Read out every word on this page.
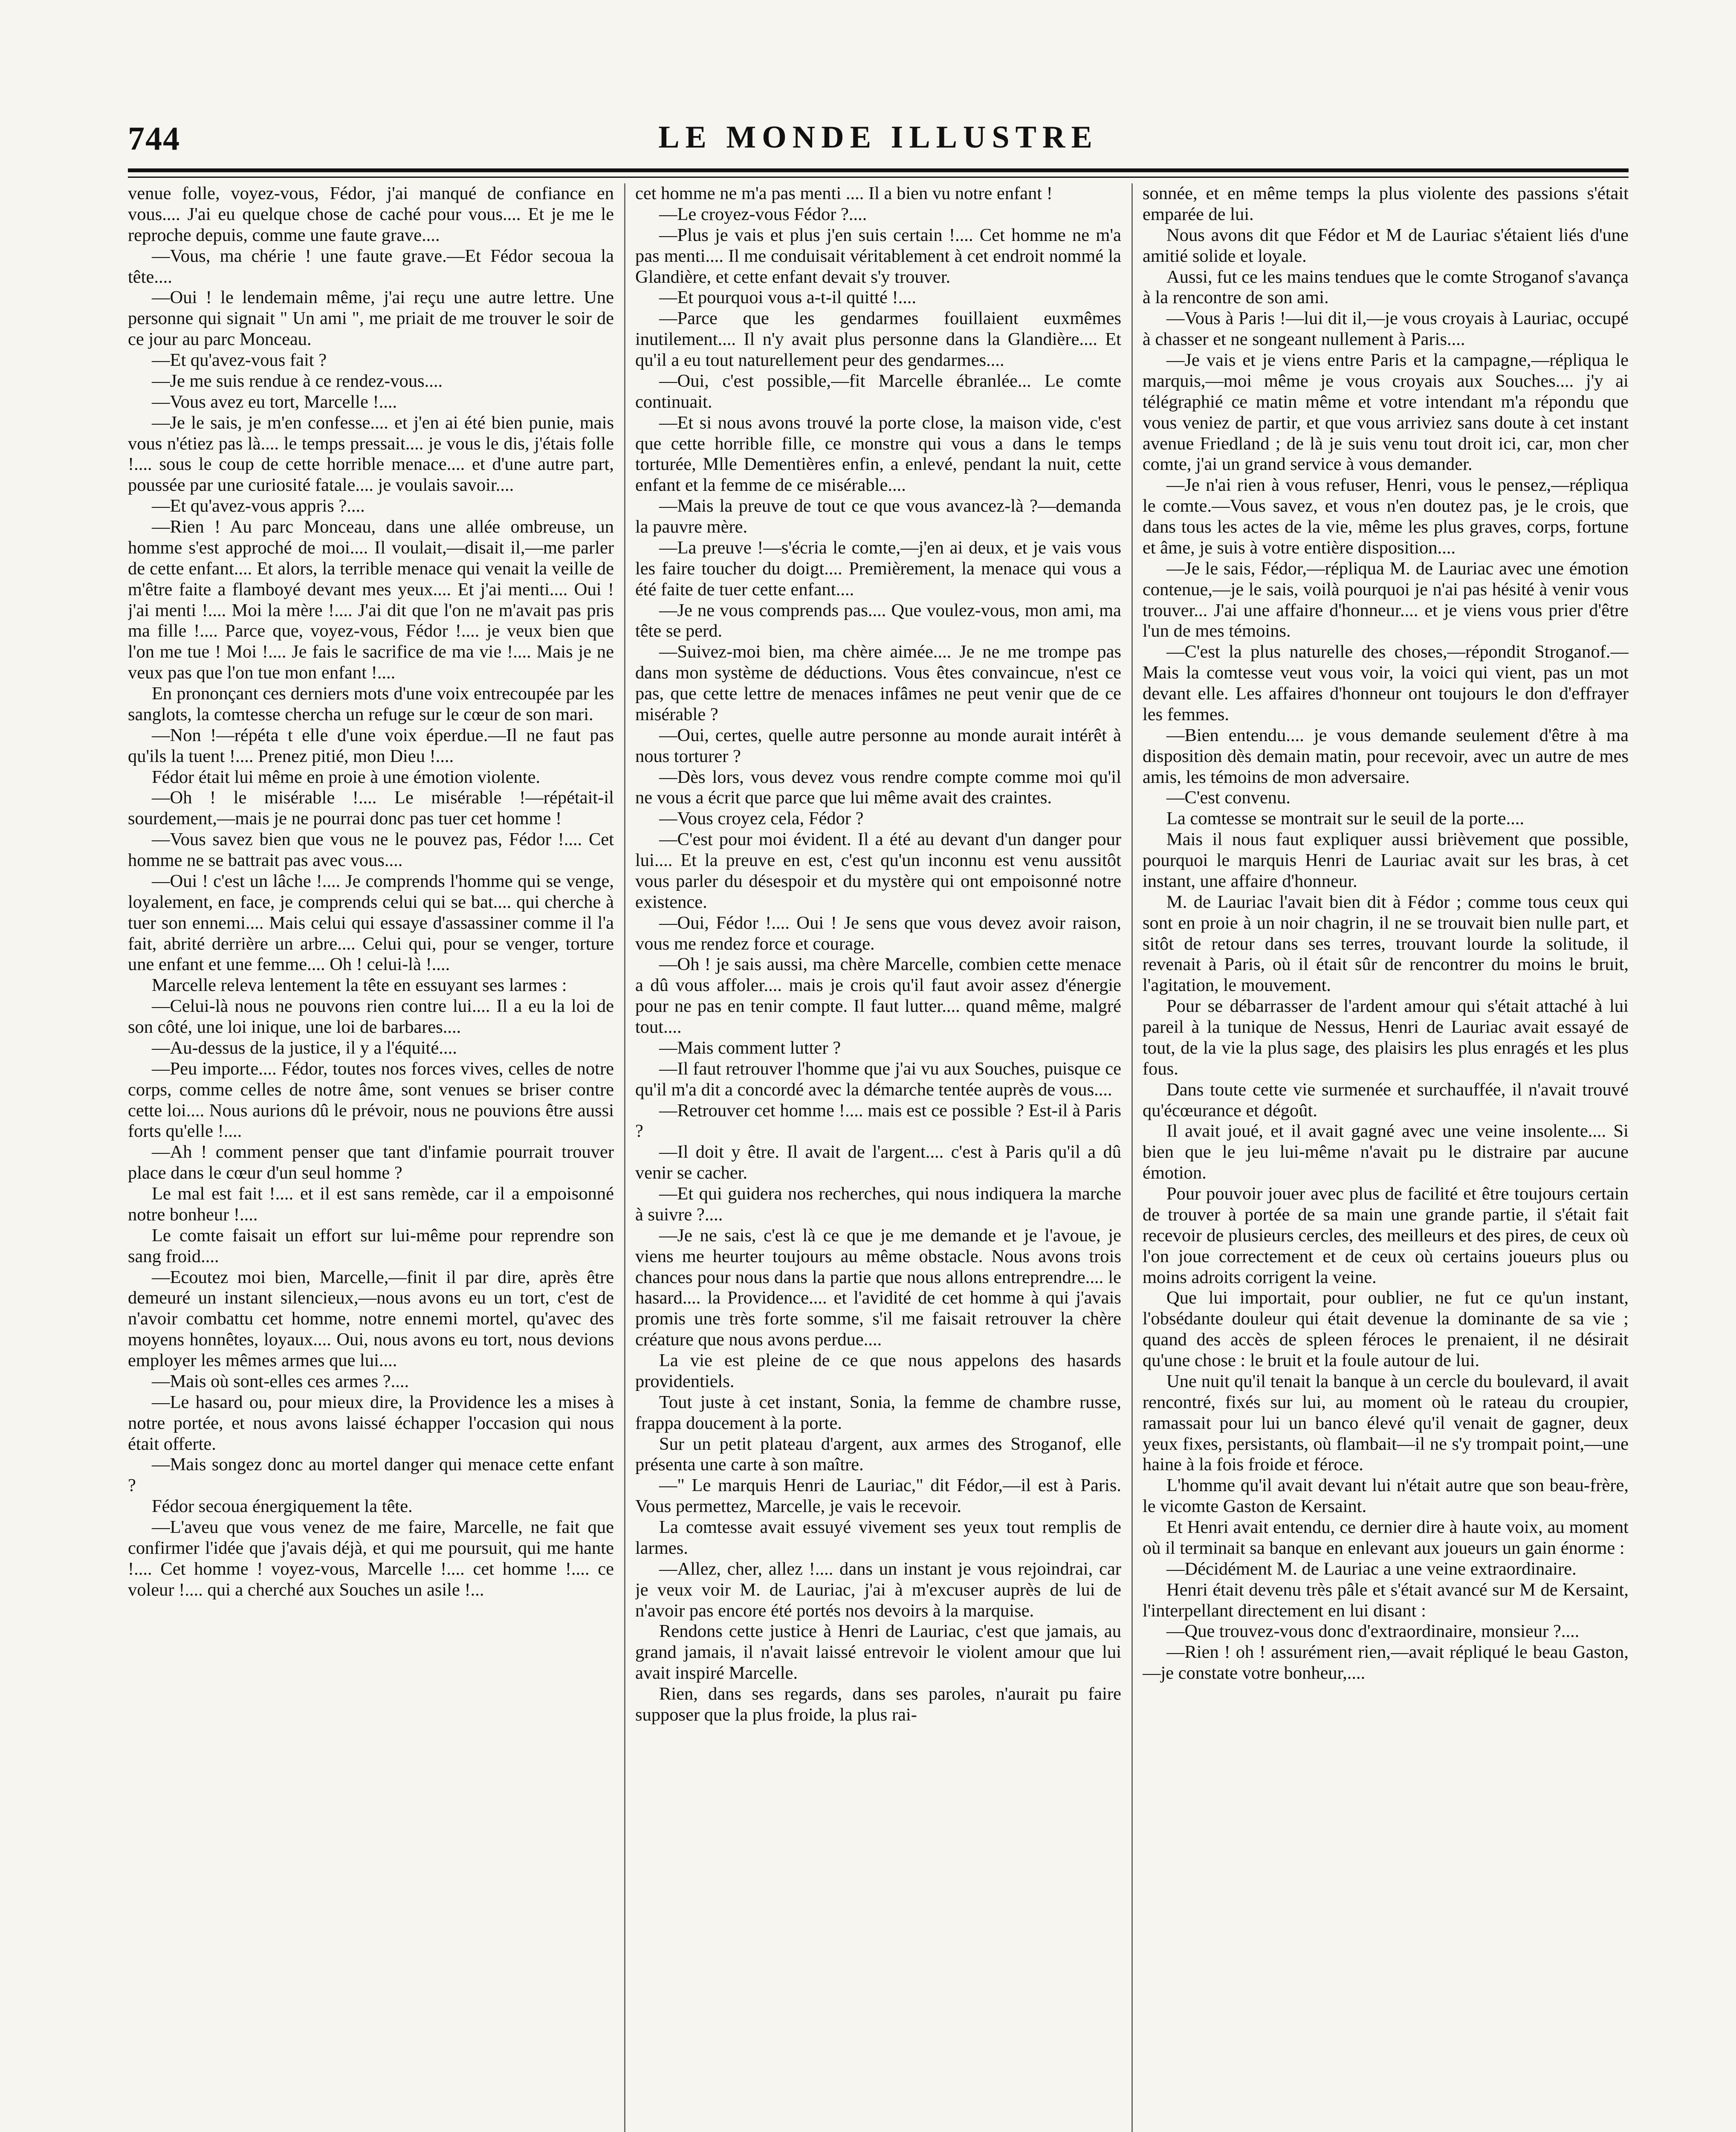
744	LE MONDE ILLUSTRE

venue folle, voyez-vous, Fédor, j'ai manqué de confiance en vous.... J'ai eu quelque chose de caché pour vous.... Et je me le reproche depuis, comme une faute grave....

—Vous, ma chérie ! une faute grave.—Et Fédor secoua la tête....

—Oui ! le lendemain même, j'ai reçu une autre lettre. Une personne qui signait " Un ami ", me priait de me trouver le soir de ce jour au parc Monceau.

—Et qu'avez-vous fait ?

—Je me suis rendue à ce rendez-vous....

—Vous avez eu tort, Marcelle !....

—Je le sais, je m'en confesse.... et j'en ai été bien punie, mais vous n'étiez pas là.... le temps pressait.... je vous le dis, j'étais folle !.... sous le coup de cette horrible menace.... et d'une autre part, poussée par une curiosité fatale.... je voulais savoir....

—Et qu'avez-vous appris ?....

—Rien ! Au parc Monceau, dans une allée ombreuse, un homme s'est approché de moi.... Il voulait,—disait il,—me parler de cette enfant.... Et alors, la terrible menace qui venait la veille de m'être faite a flamboyé devant mes yeux.... Et j'ai menti.... Oui ! j'ai menti !.... Moi la mère !.... J'ai dit que l'on ne m'avait pas pris ma fille !.... Parce que, voyez-vous, Fédor !.... je veux bien que l'on me tue ! Moi !.... Je fais le sacrifice de ma vie !.... Mais je ne veux pas que l'on tue mon enfant !....

En prononçant ces derniers mots d'une voix entrecoupée par les sanglots, la comtesse chercha un refuge sur le cœur de son mari.

—Non !—répéta t elle d'une voix éperdue.—Il ne faut pas qu'ils la tuent !.... Prenez pitié, mon Dieu !....

Fédor était lui même en proie à une émotion violente.

—Oh ! le misérable !.... Le misérable !—répétait-il sourdement,—mais je ne pourrai donc pas tuer cet homme !

—Vous savez bien que vous ne le pouvez pas, Fédor !.... Cet homme ne se battrait pas avec vous....

—Oui ! c'est un lâche !.... Je comprends l'homme qui se venge, loyalement, en face, je comprends celui qui se bat.... qui cherche à tuer son ennemi.... Mais celui qui essaye d'assassiner comme il l'a fait, abrité derrière un arbre.... Celui qui, pour se venger, torture une enfant et une femme.... Oh ! celui-là !....

Marcelle releva lentement la tête en essuyant ses larmes :

—Celui-là nous ne pouvons rien contre lui.... Il a eu la loi de son côté, une loi inique, une loi de barbares....

—Au-dessus de la justice, il y a l'équité....

—Peu importe.... Fédor, toutes nos forces vives, celles de notre corps, comme celles de notre âme, sont venues se briser contre cette loi.... Nous aurions dû le prévoir, nous ne pouvions être aussi forts qu'elle !....

—Ah ! comment penser que tant d'infamie pourrait trouver place dans le cœur d'un seul homme ?

Le mal est fait !.... et il est sans remède, car il a empoisonné notre bonheur !....

Le comte faisait un effort sur lui-même pour reprendre son sang froid....

—Ecoutez moi bien, Marcelle,—finit il par dire, après être demeuré un instant silencieux,—nous avons eu un tort, c'est de n'avoir combattu cet homme, notre ennemi mortel, qu'avec des moyens honnêtes, loyaux.... Oui, nous avons eu tort, nous devions employer les mêmes armes que lui....

—Mais où sont-elles ces armes ?....

—Le hasard ou, pour mieux dire, la Providence les a mises à notre portée, et nous avons laissé échapper l'occasion qui nous était offerte.

—Mais songez donc au mortel danger qui menace cette enfant ?

Fédor secoua énergiquement la tête.

—L'aveu que vous venez de me faire, Marcelle, ne fait que confirmer l'idée que j'avais déjà, et qui me poursuit, qui me hante !.... Cet homme ! voyez-vous, Marcelle !.... cet homme !.... ce voleur !.... qui a cherché aux Souches un asile !...

cet homme ne m'a pas menti .... Il a bien vu notre enfant !

—Le croyez-vous Fédor ?....

—Plus je vais et plus j'en suis certain !.... Cet homme ne m'a pas menti.... Il me conduisait véritablement à cet endroit nommé la Glandière, et cette enfant devait s'y trouver.

—Et pourquoi vous a-t-il quitté !....

—Parce que les gendarmes fouillaient euxmêmes inutilement.... Il n'y avait plus personne dans la Glandière.... Et qu'il a eu tout naturellement peur des gendarmes....

—Oui, c'est possible,—fit Marcelle ébranlée... Le comte continuait.

—Et si nous avons trouvé la porte close, la maison vide, c'est que cette horrible fille, ce monstre qui vous a dans le temps torturée, Mlle Dementières enfin, a enlevé, pendant la nuit, cette enfant et la femme de ce misérable....

—Mais la preuve de tout ce que vous avancez-là ?—demanda la pauvre mère.

—La preuve !—s'écria le comte,—j'en ai deux, et je vais vous les faire toucher du doigt.... Premièrement, la menace qui vous a été faite de tuer cette enfant....

—Je ne vous comprends pas.... Que voulez-vous, mon ami, ma tête se perd.

—Suivez-moi bien, ma chère aimée.... Je ne me trompe pas dans mon système de déductions. Vous êtes convaincue, n'est ce pas, que cette lettre de menaces infâmes ne peut venir que de ce misérable ?

—Oui, certes, quelle autre personne au monde aurait intérêt à nous torturer ?

—Dès lors, vous devez vous rendre compte comme moi qu'il ne vous a écrit que parce que lui même avait des craintes.

—Vous croyez cela, Fédor ?

—C'est pour moi évident. Il a été au devant d'un danger pour lui.... Et la preuve en est, c'est qu'un inconnu est venu aussitôt vous parler du désespoir et du mystère qui ont empoisonné notre existence.

—Oui, Fédor !.... Oui ! Je sens que vous devez avoir raison, vous me rendez force et courage.

—Oh ! je sais aussi, ma chère Marcelle, combien cette menace a dû vous affoler.... mais je crois qu'il faut avoir assez d'énergie pour ne pas en tenir compte. Il faut lutter.... quand même, malgré tout....

—Mais comment lutter ?

—Il faut retrouver l'homme que j'ai vu aux Souches, puisque ce qu'il m'a dit a concordé avec la démarche tentée auprès de vous....

—Retrouver cet homme !.... mais est ce possible ? Est-il à Paris ?

—Il doit y être. Il avait de l'argent.... c'est à Paris qu'il a dû venir se cacher.

—Et qui guidera nos recherches, qui nous indiquera la marche à suivre ?....

—Je ne sais, c'est là ce que je me demande et je l'avoue, je viens me heurter toujours au même obstacle. Nous avons trois chances pour nous dans la partie que nous allons entreprendre.... le hasard.... la Providence.... et l'avidité de cet homme à qui j'avais promis une très forte somme, s'il me faisait retrouver la chère créature que nous avons perdue....

La vie est pleine de ce que nous appelons des hasards providentiels.

Tout juste à cet instant, Sonia, la femme de chambre russe, frappa doucement à la porte.

Sur un petit plateau d'argent, aux armes des Stroganof, elle présenta une carte à son maître.

—" Le marquis Henri de Lauriac," dit Fédor,—il est à Paris. Vous permettez, Marcelle, je vais le recevoir.

La comtesse avait essuyé vivement ses yeux tout remplis de larmes.

—Allez, cher, allez !.... dans un instant je vous rejoindrai, car je veux voir M. de Lauriac, j'ai à m'excuser auprès de lui de n'avoir pas encore été portés nos devoirs à la marquise.

Rendons cette justice à Henri de Lauriac, c'est que jamais, au grand jamais, il n'avait laissé entrevoir le violent amour que lui avait inspiré Marcelle.

Rien, dans ses regards, dans ses paroles, n'aurait pu faire supposer que la plus froide, la plus rai-

sonnée, et en même temps la plus violente des passions s'était emparée de lui.

Nous avons dit que Fédor et M de Lauriac s'étaient liés d'une amitié solide et loyale.

Aussi, fut ce les mains tendues que le comte Stroganof s'avança à la rencontre de son ami.

—Vous à Paris !—lui dit il,—je vous croyais à Lauriac, occupé à chasser et ne songeant nullement à Paris....

—Je vais et je viens entre Paris et la campagne,—répliqua le marquis,—moi même je vous croyais aux Souches.... j'y ai télégraphié ce matin même et votre intendant m'a répondu que vous veniez de partir, et que vous arriviez sans doute à cet instant avenue Friedland ; de là je suis venu tout droit ici, car, mon cher comte, j'ai un grand service à vous demander.

—Je n'ai rien à vous refuser, Henri, vous le pensez,—répliqua le comte.—Vous savez, et vous n'en doutez pas, je le crois, que dans tous les actes de la vie, même les plus graves, corps, fortune et âme, je suis à votre entière disposition....

—Je le sais, Fédor,—répliqua M. de Lauriac avec une émotion contenue,—je le sais, voilà pourquoi je n'ai pas hésité à venir vous trouver... J'ai une affaire d'honneur.... et je viens vous prier d'être l'un de mes témoins.

—C'est la plus naturelle des choses,—répondit Stroganof.—Mais la comtesse veut vous voir, la voici qui vient, pas un mot devant elle. Les affaires d'honneur ont toujours le don d'effrayer les femmes.

—Bien entendu.... je vous demande seulement d'être à ma disposition dès demain matin, pour recevoir, avec un autre de mes amis, les témoins de mon adversaire.

—C'est convenu.

La comtesse se montrait sur le seuil de la porte....

Mais il nous faut expliquer aussi brièvement que possible, pourquoi le marquis Henri de Lauriac avait sur les bras, à cet instant, une affaire d'honneur.

M. de Lauriac l'avait bien dit à Fédor ; comme tous ceux qui sont en proie à un noir chagrin, il ne se trouvait bien nulle part, et sitôt de retour dans ses terres, trouvant lourde la solitude, il revenait à Paris, où il était sûr de rencontrer du moins le bruit, l'agitation, le mouvement.

Pour se débarrasser de l'ardent amour qui s'était attaché à lui pareil à la tunique de Nessus, Henri de Lauriac avait essayé de tout, de la vie la plus sage, des plaisirs les plus enragés et les plus fous.

Dans toute cette vie surmenée et surchauffée, il n'avait trouvé qu'écœurance et dégoût.

Il avait joué, et il avait gagné avec une veine insolente.... Si bien que le jeu lui-même n'avait pu le distraire par aucune émotion.

Pour pouvoir jouer avec plus de facilité et être toujours certain de trouver à portée de sa main une grande partie, il s'était fait recevoir de plusieurs cercles, des meilleurs et des pires, de ceux où l'on joue correctement et de ceux où certains joueurs plus ou moins adroits corrigent la veine.

Que lui importait, pour oublier, ne fut ce qu'un instant, l'obsédante douleur qui était devenue la dominante de sa vie ; quand des accès de spleen féroces le prenaient, il ne désirait qu'une chose : le bruit et la foule autour de lui.

Une nuit qu'il tenait la banque à un cercle du boulevard, il avait rencontré, fixés sur lui, au moment où le rateau du croupier, ramassait pour lui un banco élevé qu'il venait de gagner, deux yeux fixes, persistants, où flambait—il ne s'y trompait point,—une haine à la fois froide et féroce.

L'homme qu'il avait devant lui n'était autre que son beau-frère, le vicomte Gaston de Kersaint.

Et Henri avait entendu, ce dernier dire à haute voix, au moment où il terminait sa banque en enlevant aux joueurs un gain énorme :

—Décidément M. de Lauriac a une veine extraordinaire.

Henri était devenu très pâle et s'était avancé sur M de Kersaint, l'interpellant directement en lui disant :

—Que trouvez-vous donc d'extraordinaire, monsieur ?....

—Rien ! oh ! assurément rien,—avait répliqué le beau Gaston,—je constate votre bonheur,....
